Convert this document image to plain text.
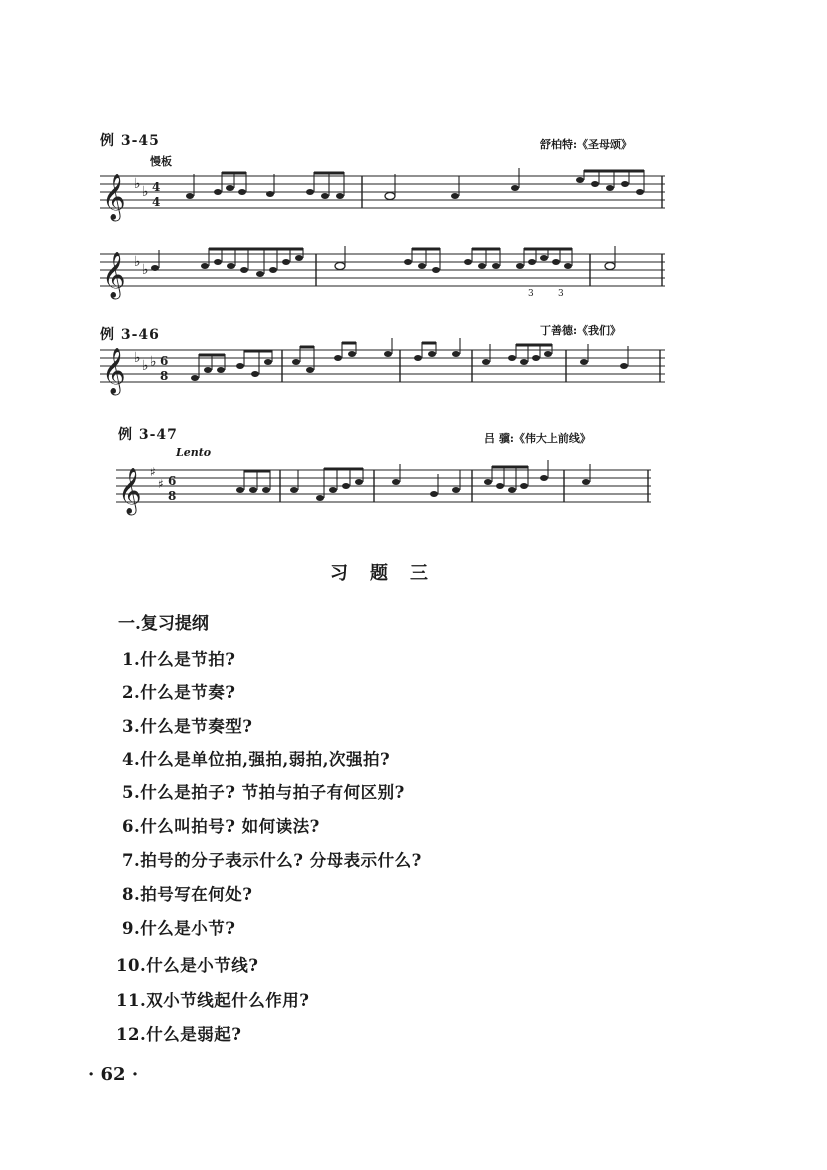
例 3-45	舒柏特:《圣母颂》
慢板
𝄞 ♭ ♭ 4
4
𝄞 ♭ ♭
3	3
例 3-46	丁善德:《我们》
𝄞 ♭ ♭ ♭ 6
8
例 3-47	吕 骥:《伟大上前线》
Lento
𝄞 ♯
♯ 6
8
习题三
一.复习提纲
1.什么是节拍?
2.什么是节奏?
3.什么是节奏型?
4.什么是单位拍,强拍,弱拍,次强拍?
5.什么是拍子? 节拍与拍子有何区别?
6.什么叫拍号? 如何读法?
7.拍号的分子表示什么? 分母表示什么?
8.拍号写在何处?
9.什么是小节?
10.什么是小节线?
11.双小节线起什么作用?
12.什么是弱起?
· 62 ·
